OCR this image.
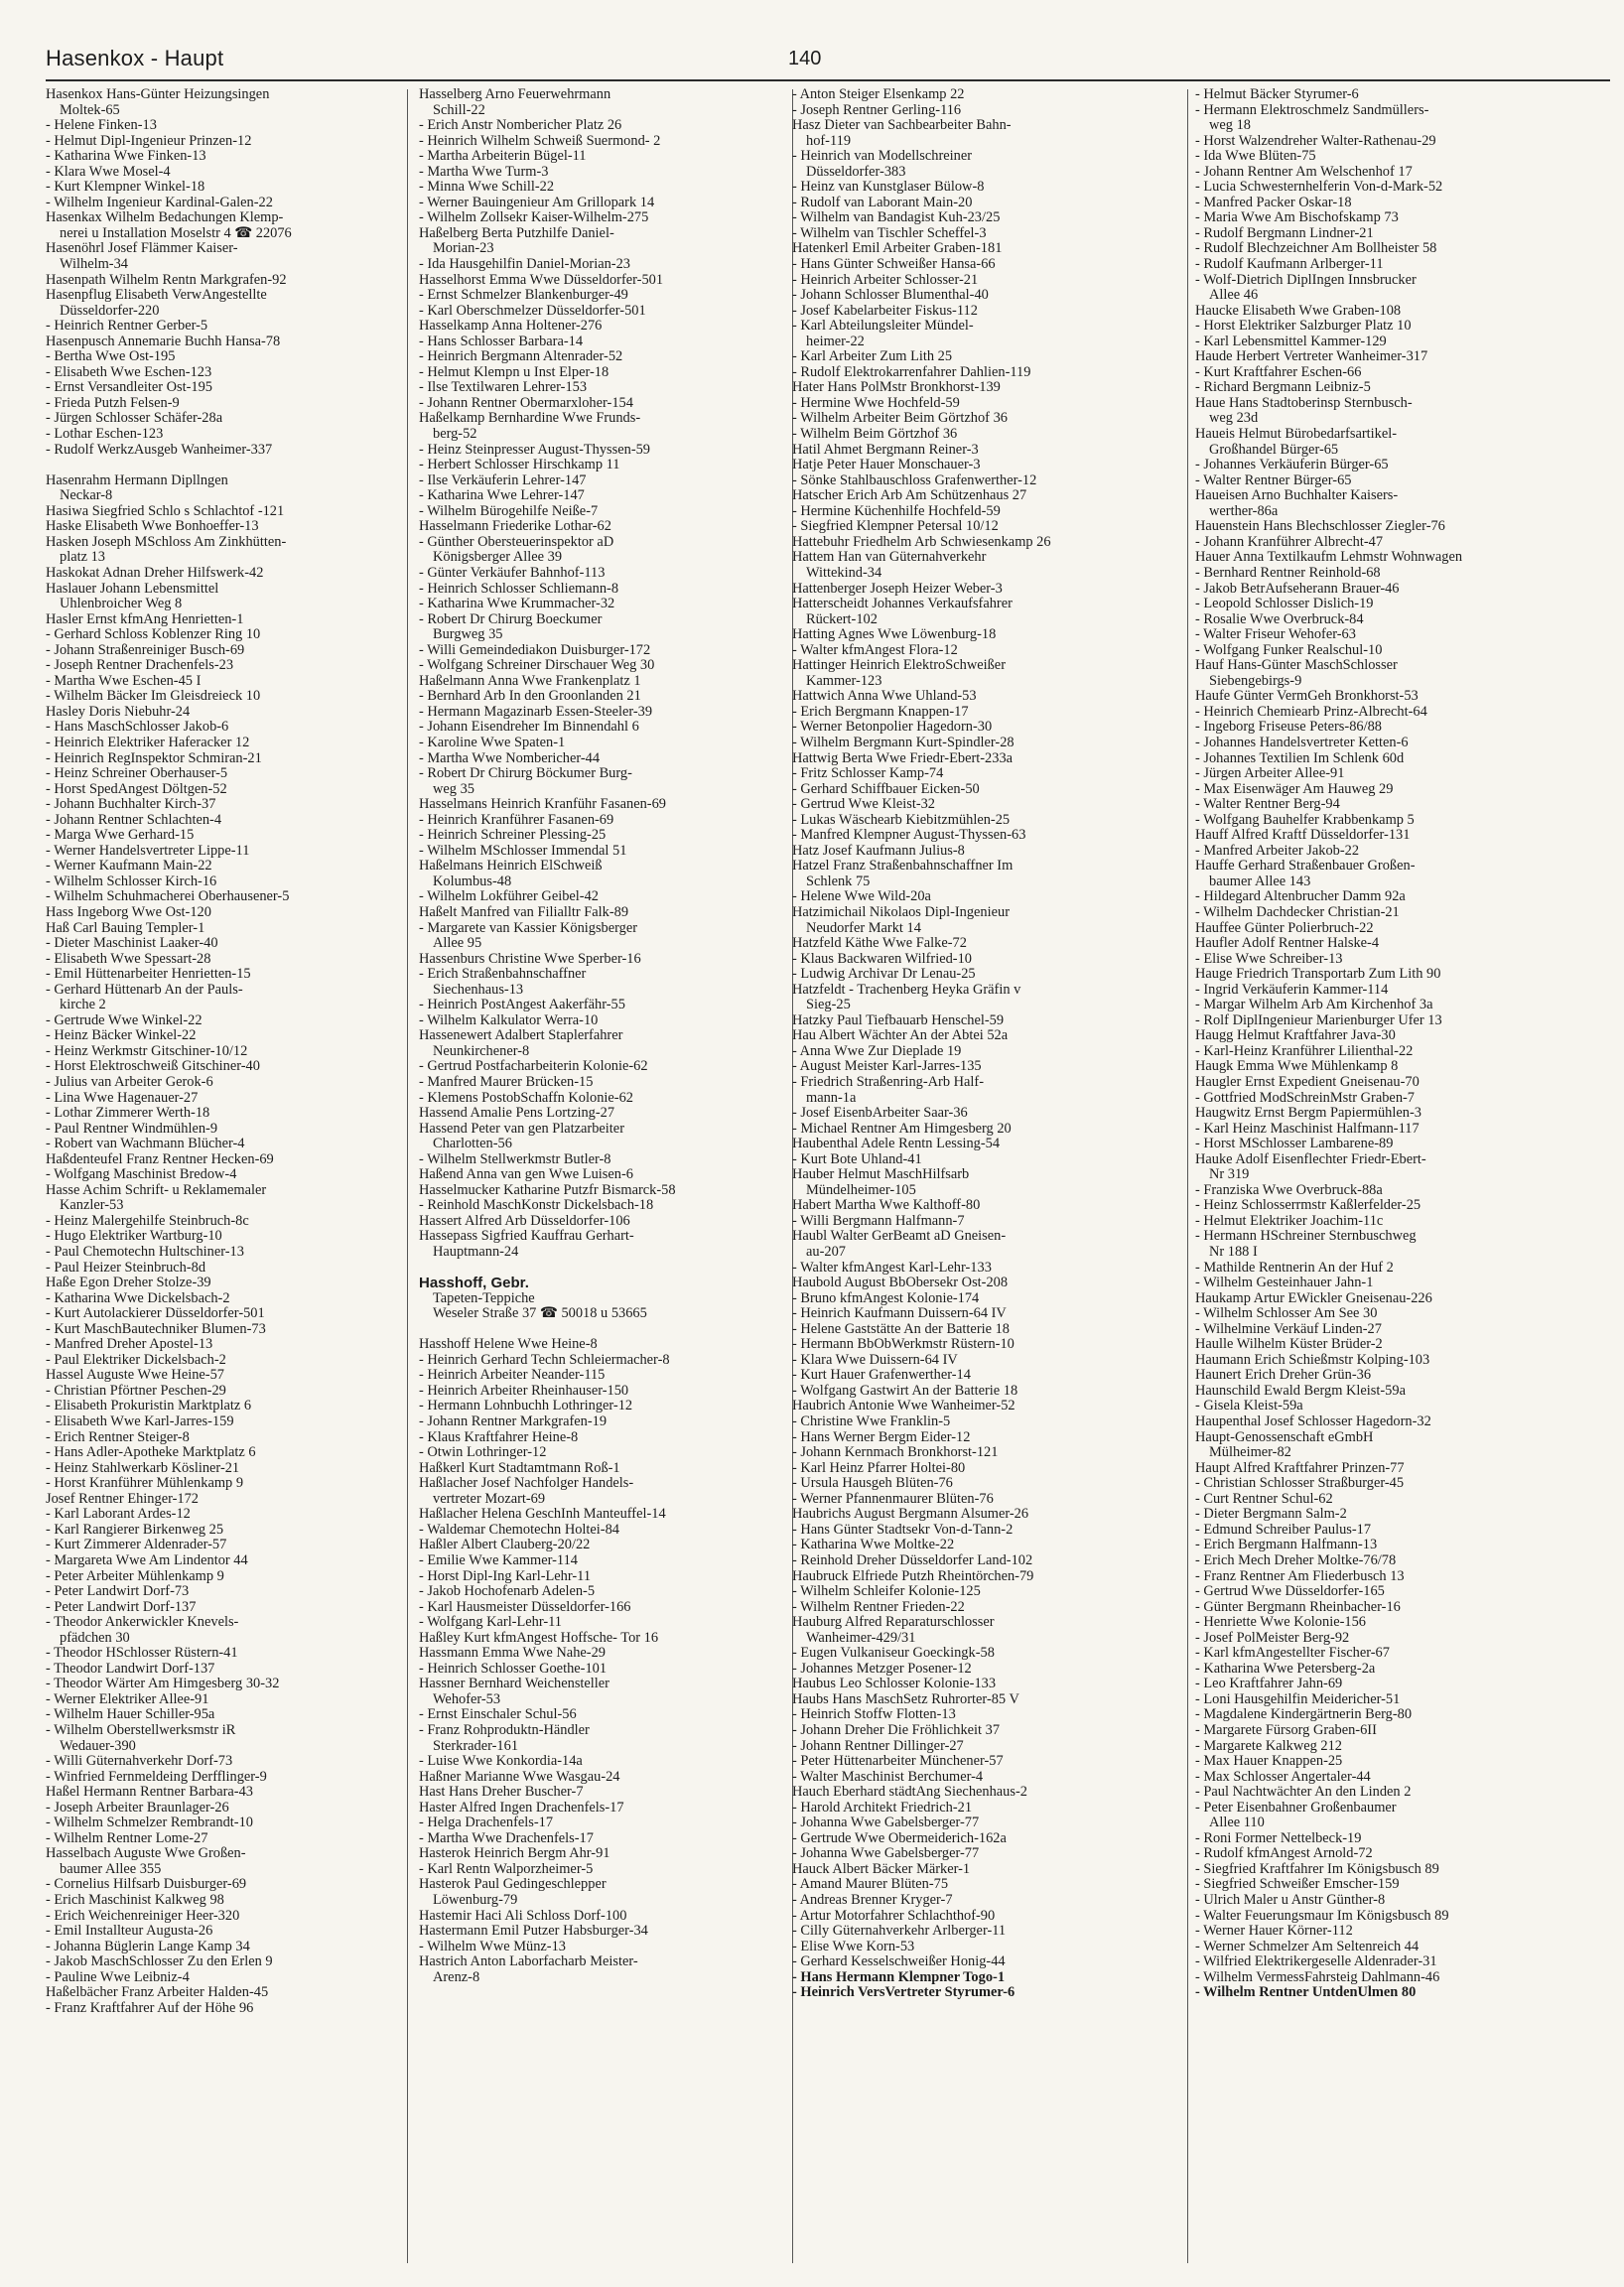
Hasenkox - Haupt	140
Hasenkox Hans-Günter Heizungsingen
Moltek-65
- Helene Finken-13
- Helmut Dipl-Ingenieur Prinzen-12
- Katharina Wwe Finken-13
- Klara Wwe Mosel-4
- Kurt Klempner Winkel-18
- Wilhelm Ingenieur Kardinal-Galen-22
Hasenkax Wilhelm Bedachungen Klemp-
nerei u Installation Moselstr 4 ☎ 22076
Hasenöhrl Josef Flämmer Kaiser-
Wilhelm-34
Hasenpath Wilhelm Rentn Markgrafen-92
Hasenpflug Elisabeth VerwAngestellte
Düsseldorfer-220
- Heinrich Rentner Gerber-5
Hasenpusch Annemarie Buchh Hansa-78
- Bertha Wwe Ost-195
- Elisabeth Wwe Eschen-123
- Ernst Versandleiter Ost-195
- Frieda Putzh Felsen-9
- Jürgen Schlosser Schäfer-28a
- Lothar Eschen-123
- Rudolf WerkzAusgeb Wanheimer-337
Hasenrahm Hermann Dipllngen
Neckar-8
Hasiwa Siegfried Schlo s Schlachtof -121
Haske Elisabeth Wwe Bonhoeffer-13
Hasken Joseph MSchloss Am Zinkhütten-
platz 13
Haskokat Adnan Dreher Hilfswerk-42
Haslauer Johann Lebensmittel
Uhlenbroicher Weg 8
Hasler Ernst kfmAng Henrietten-1
- Gerhard Schloss Koblenzer Ring 10
- Johann Straßenreiniger Busch-69
- Joseph Rentner Drachenfels-23
- Martha Wwe Eschen-45 I
- Wilhelm Bäcker Im Gleisdreieck 10
Hasley Doris Niebuhr-24
- Hans MaschSchlosser Jakob-6
- Heinrich Elektriker Haferacker 12
- Heinrich RegInspektor Schmiran-21
- Heinz Schreiner Oberhauser-5
- Horst SpedAngest Döltgen-52
- Johann Buchhalter Kirch-37
- Johann Rentner Schlachten-4
- Marga Wwe Gerhard-15
- Werner Handelsvertreter Lippe-11
- Werner Kaufmann Main-22
- Wilhelm Schlosser Kirch-16
- Wilhelm Schuhmacherei Oberhausener-5
Hass Ingeborg Wwe Ost-120
Haß Carl Bauing Templer-1
- Dieter Maschinist Laaker-40
- Elisabeth Wwe Spessart-28
- Emil Hüttenarbeiter Henrietten-15
- Gerhard Hüttenarb An der Pauls-
kirche 2
- Gertrude Wwe Winkel-22
- Heinz Bäcker Winkel-22
- Heinz Werkmstr Gitschiner-10/12
- Horst Elektroschweiß Gitschiner-40
- Julius van Arbeiter Gerok-6
- Lina Wwe Hagenauer-27
- Lothar Zimmerer Werth-18
- Paul Rentner Windmühlen-9
- Robert van Wachmann Blücher-4
Haßdenteufel Franz Rentner Hecken-69
- Wolfgang Maschinist Bredow-4
Hasse Achim Schrift- u Reklamemaler
Kanzler-53
- Heinz Malergehilfe Steinbruch-8c
- Hugo Elektriker Wartburg-10
- Paul Chemotechn Hultschiner-13
- Paul Heizer Steinbruch-8d
Haße Egon Dreher Stolze-39
- Katharina Wwe Dickelsbach-2
- Kurt Autolackierer Düsseldorfer-501
- Kurt MaschBautechniker Blumen-73
- Manfred Dreher Apostel-13
- Paul Elektriker Dickelsbach-2
Hassel Auguste Wwe Heine-57
- Christian Pförtner Peschen-29
- Elisabeth Prokuristin Marktplatz 6
- Elisabeth Wwe Karl-Jarres-159
- Erich Rentner Steiger-8
- Hans Adler-Apotheke Marktplatz 6
- Heinz Stahlwerkarb Kösliner-21
- Horst Kranführer Mühlenkamp 9
Josef Rentner Ehinger-172
- Karl Laborant Ardes-12
- Karl Rangierer Birkenweg 25
- Kurt Zimmerer Aldenrader-57
- Margareta Wwe Am Lindentor 44
- Peter Arbeiter Mühlenkamp 9
- Peter Landwirt Dorf-73
- Peter Landwirt Dorf-137
- Theodor Ankerwickler Knevels-
pfädchen 30
- Theodor HSchlosser Rüstern-41
- Theodor Landwirt Dorf-137
- Theodor Wärter Am Himgesberg 30-32
- Werner Elektriker Allee-91
- Wilhelm Hauer Schiller-95a
- Wilhelm Oberstellwerksmstr iR
Wedauer-390
- Willi Güternahverkehr Dorf-73
- Winfried Fernmeldeing Derfflinger-9
Haßel Hermann Rentner Barbara-43
- Joseph Arbeiter Braunlager-26
- Wilhelm Schmelzer Rembrandt-10
- Wilhelm Rentner Lome-27
Hasselbach Auguste Wwe Großen-
baumer Allee 355
- Cornelius Hilfsarb Duisburger-69
- Erich Maschinist Kalkweg 98
- Erich Weichenreiniger Heer-320
- Emil Installteur Augusta-26
- Johanna Büglerin Lange Kamp 34
- Jakob MaschSchlosser Zu den Erlen 9
- Pauline Wwe Leibniz-4
Haßelbächer Franz Arbeiter Halden-45
- Franz Kraftfahrer Auf der Höhe 96
Hasselberg Arno Feuerwehrmann
Schill-22
- Erich Anstr Nombericher Platz 26
- Heinrich Wilhelm Schweiß Suermond- 2
- Martha Arbeiterin Bügel-11
- Martha Wwe Turm-3
- Minna Wwe Schill-22
- Werner Bauingenieur Am Grillopark 14
- Wilhelm Zollsekr Kaiser-Wilhelm-275
Haßelberg Berta Putzhilfe Daniel-
Morian-23
- Ida Hausgehilfin Daniel-Morian-23
Hasselhorst Emma Wwe Düsseldorfer-501
- Ernst Schmelzer Blankenburger-49
- Karl Oberschmelzer Düsseldorfer-501
Hasselkamp Anna Holtener-276
- Hans Schlosser Barbara-14
- Heinrich Bergmann Altenrader-52
- Helmut Klempn u Inst Elper-18
- Ilse Textilwaren Lehrer-153
- Johann Rentner Obermarxloher-154
Haßelkamp Bernhardine Wwe Frunds-
berg-52
- Heinz Steinpresser August-Thyssen-59
- Herbert Schlosser Hirschkamp 11
- Ilse Verkäuferin Lehrer-147
- Katharina Wwe Lehrer-147
- Wilhelm Bürogehilfe Neiße-7
Hasselmann Friederike Lothar-62
- Günther Obersteuerinspektor aD
Königsberger Allee 39
- Günter Verkäufer Bahnhof-113
- Heinrich Schlosser Schliemann-8
- Katharina Wwe Krummacher-32
- Robert Dr Chirurg Boeckumer
Burgweg 35
- Willi Gemeindediakon Duisburger-172
- Wolfgang Schreiner Dirschauer Weg 30
Haßelmann Anna Wwe Frankenplatz 1
- Bernhard Arb In den Groonlanden 21
- Hermann Magazinarb Essen-Steeler-39
- Johann Eisendreher Im Binnendahl 6
- Karoline Wwe Spaten-1
- Martha Wwe Nombericher-44
- Robert Dr Chirurg Böckumer Burg-
weg 35
Hasselmans Heinrich Kranführ Fasanen-69
- Heinrich Kranführer Fasanen-69
- Heinrich Schreiner Plessing-25
- Wilhelm MSchlosser Immendal 51
Haßelmans Heinrich ElSchweiß
Kolumbus-48
- Wilhelm Lokführer Geibel-42
Haßelt Manfred van Filialltr Falk-89
- Margarete van Kassier Königsberger
Allee 95
Hassenburs Christine Wwe Sperber-16
- Erich Straßenbahnschaffner
Siechenhaus-13
- Heinrich PostAngest Aakerfähr-55
- Wilhelm Kalkulator Werra-10
Hassenewert Adalbert Staplerfahrer
Neunkirchener-8
- Gertrud Postfacharbeiterin Kolonie-62
- Manfred Maurer Brücken-15
- Klemens PostobSchaffn Kolonie-62
Hassend Amalie Pens Lortzing-27
Hassend Peter van gen Platzarbeiter
Charlotten-56
- Wilhelm Stellwerkmstr Butler-8
Haßend Anna van gen Wwe Luisen-6
Hasselmucker Katharine Putzfr Bismarck-58
- Reinhold MaschKonstr Dickelsbach-18
Hassert Alfred Arb Düsseldorfer-106
Hassepass Sigfried Kauffrau Gerhart-
Hauptmann-24
Hasshoff, Gebr.
Tapeten-Teppiche
Weseler Straße 37 ☎ 50018 u 53665
Hasshoff Helene Wwe Heine-8
- Heinrich Gerhard Techn Schleiermacher-8
- Heinrich Arbeiter Neander-115
- Heinrich Arbeiter Rheinhauser-150
- Hermann Lohnbuchh Lothringer-12
- Johann Rentner Markgrafen-19
- Klaus Kraftfahrer Heine-8
- Otwin Lothringer-12
Haßkerl Kurt Stadtamtmann Roß-1
Haßlacher Josef Nachfolger Handels-
vertreter Mozart-69
Haßlacher Helena GeschInh Manteuffel-14
- Waldemar Chemotechn Holtei-84
Haßler Albert Clauberg-20/22
- Emilie Wwe Kammer-114
- Horst Dipl-Ing Karl-Lehr-11
- Jakob Hochofenarb Adelen-5
- Karl Hausmeister Düsseldorfer-166
- Wolfgang Karl-Lehr-11
Haßley Kurt kfmAngest Hoffsche- Tor 16
Hassmann Emma Wwe Nahe-29
- Heinrich Schlosser Goethe-101
Hassner Bernhard Weichensteller
Wehofer-53
- Ernst Einschaler Schul-56
- Franz Rohproduktn-Händler
Sterkrader-161
- Luise Wwe Konkordia-14a
Haßner Marianne Wwe Wasgau-24
Hast Hans Dreher Buscher-7
Haster Alfred Ingen Drachenfels-17
- Helga Drachenfels-17
- Martha Wwe Drachenfels-17
Hasterok Heinrich Bergm Ahr-91
- Karl Rentn Walporzheimer-5
Hasterok Paul Gedingeschlepper
Löwenburg-79
Hastemir Haci Ali Schloss Dorf-100
Hastermann Emil Putzer Habsburger-34
- Wilhelm Wwe Münz-13
Hastrich Anton Laborfacharb Meister-
Arenz-8
- Anton Steiger Elsenkamp 22
- Joseph Rentner Gerling-116
Hasz Dieter van Sachbearbeiter Bahn-
hof-119
- Heinrich van Modellschreiner
Düsseldorfer-383
- Heinz van Kunstglaser Bülow-8
- Rudolf van Laborant Main-20
- Wilhelm van Bandagist Kuh-23/25
- Wilhelm van Tischler Scheffel-3
Hatenkerl Emil Arbeiter Graben-181
- Hans Günter Schweißer Hansa-66
- Heinrich Arbeiter Schlosser-21
- Johann Schlosser Blumenthal-40
- Josef Kabelarbeiter Fiskus-112
- Karl Abteilungsleiter Mündel-
heimer-22
- Karl Arbeiter Zum Lith 25
- Rudolf Elektrokarrenfahrer Dahlien-119
Hater Hans PolMstr Bronkhorst-139
- Hermine Wwe Hochfeld-59
- Wilhelm Arbeiter Beim Görtzhof 36
- Wilhelm Beim Görtzhof 36
Hatil Ahmet Bergmann Reiner-3
Hatje Peter Hauer Monschauer-3
- Sönke Stahlbauschloss Grafenwerther-12
Hatscher Erich Arb Am Schützenhaus 27
- Hermine Küchenhilfe Hochfeld-59
- Siegfried Klempner Petersal 10/12
Hattebuhr Friedhelm Arb Schwiesenkamp 26
Hattem Han van Güternahverkehr
Wittekind-34
Hattenberger Joseph Heizer Weber-3
Hatterscheidt Johannes Verkaufsfahrer
Rückert-102
Hatting Agnes Wwe Löwenburg-18
- Walter kfmAngest Flora-12
Hattinger Heinrich ElektroSchweißer
Kammer-123
Hattwich Anna Wwe Uhland-53
- Erich Bergmann Knappen-17
- Werner Betonpolier Hagedorn-30
- Wilhelm Bergmann Kurt-Spindler-28
Hattwig Berta Wwe Friedr-Ebert-233a
- Fritz Schlosser Kamp-74
- Gerhard Schiffbauer Eicken-50
- Gertrud Wwe Kleist-32
- Lukas Wäschearb Kiebitzmühlen-25
- Manfred Klempner August-Thyssen-63
Hatz Josef Kaufmann Julius-8
Hatzel Franz Straßenbahnschaffner Im
Schlenk 75
- Helene Wwe Wild-20a
Hatzimichail Nikolaos Dipl-Ingenieur
Neudorfer Markt 14
Hatzfeld Käthe Wwe Falke-72
- Klaus Backwaren Wilfried-10
- Ludwig Archivar Dr Lenau-25
Hatzfeldt - Trachenberg Heyka Gräfin v
Sieg-25
Hatzky Paul Tiefbauarb Henschel-59
Hau Albert Wächter An der Abtei 52a
- Anna Wwe Zur Dieplade 19
- August Meister Karl-Jarres-135
- Friedrich Straßenring-Arb Half-
mann-1a
- Josef EisenbArbeiter Saar-36
- Michael Rentner Am Himgesberg 20
Haubenthal Adele Rentn Lessing-54
- Kurt Bote Uhland-41
Hauber Helmut MaschHilfsarb
Mündelheimer-105
Habert Martha Wwe Kalthoff-80
- Willi Bergmann Halfmann-7
Haubl Walter GerBeamt aD Gneisen-
au-207
- Walter kfmAngest Karl-Lehr-133
Haubold August BbObersekr Ost-208
- Bruno kfmAngest Kolonie-174
- Heinrich Kaufmann Duissern-64 IV
- Helene Gaststätte An der Batterie 18
- Hermann BbObWerkmstr Rüstern-10
- Klara Wwe Duissern-64 IV
- Kurt Hauer Grafenwerther-14
- Wolfgang Gastwirt An der Batterie 18
Haubrich Antonie Wwe Wanheimer-52
- Christine Wwe Franklin-5
- Hans Werner Bergm Eider-12
- Johann Kernmach Bronkhorst-121
- Karl Heinz Pfarrer Holtei-80
- Ursula Hausgeh Blüten-76
- Werner Pfannenmaurer Blüten-76
Haubrichs August Bergmann Alsumer-26
- Hans Günter Stadtsekr Von-d-Tann-2
- Katharina Wwe Moltke-22
- Reinhold Dreher Düsseldorfer Land-102
Haubruck Elfriede Putzh Rheintörchen-79
- Wilhelm Schleifer Kolonie-125
- Wilhelm Rentner Frieden-22
Hauburg Alfred Reparaturschlosser
Wanheimer-429/31
- Eugen Vulkaniseur Goeckingk-58
- Johannes Metzger Posener-12
Haubus Leo Schlosser Kolonie-133
Haubs Hans MaschSetz Ruhrorter-85 V
- Heinrich Stoffw Flotten-13
- Johann Dreher Die Fröhlichkeit 37
- Johann Rentner Dillinger-27
- Peter Hüttenarbeiter Münchener-57
- Walter Maschinist Berchumer-4
Hauch Eberhard städtAng Siechenhaus-2
- Harold Architekt Friedrich-21
- Johanna Wwe Gabelsberger-77
- Gertrude Wwe Obermeiderich-162a
- Johanna Wwe Gabelsberger-77
Hauck Albert Bäcker Märker-1
- Amand Maurer Blüten-75
- Andreas Brenner Kryger-7
- Artur Motorfahrer Schlachthof-90
- Cilly Güternahverkehr Arlberger-11
- Elise Wwe Korn-53
- Gerhard Kesselschweißer Honig-44
- Hans Hermann Klempner Togo-1
- Heinrich VersVertreter Styrumer-6
- Helmut Bäcker Styrumer-6
- Hermann Elektroschmelz Sandmüllers-
weg 18
- Horst Walzendreher Walter-Rathenau-29
- Ida Wwe Blüten-75
- Johann Rentner Am Welschenhof 17
- Lucia Schwesternhelferin Von-d-Mark-52
- Manfred Packer Oskar-18
- Maria Wwe Am Bischofskamp 73
- Rudolf Bergmann Lindner-21
- Rudolf Blechzeichner Am Bollheister 58
- Rudolf Kaufmann Arlberger-11
- Wolf-Dietrich DiplIngen Innsbrucker
Allee 46
Haucke Elisabeth Wwe Graben-108
- Horst Elektriker Salzburger Platz 10
- Karl Lebensmittel Kammer-129
Haude Herbert Vertreter Wanheimer-317
- Kurt Kraftfahrer Eschen-66
- Richard Bergmann Leibniz-5
Haue Hans Stadtoberinsp Sternbusch-
weg 23d
Haueis Helmut Bürobedarfsartikel-
Großhandel Bürger-65
- Johannes Verkäuferin Bürger-65
- Walter Rentner Bürger-65
Haueisen Arno Buchhalter Kaisers-
werther-86a
Hauenstein Hans Blechschlosser Ziegler-76
- Johann Kranführer Albrecht-47
Hauer Anna Textilkaufm Lehmstr Wohnwagen
- Bernhard Rentner Reinhold-68
- Jakob BetrAufseherann Brauer-46
- Leopold Schlosser Dislich-19
- Rosalie Wwe Overbruck-84
- Walter Friseur Wehofer-63
- Wolfgang Funker Realschul-10
Hauf Hans-Günter MaschSchlosser
Siebengebirgs-9
Haufe Günter VermGeh Bronkhorst-53
- Heinrich Chemiearb Prinz-Albrecht-64
- Ingeborg Friseuse Peters-86/88
- Johannes Handelsvertreter Ketten-6
- Johannes Textilien Im Schlenk 60d
- Jürgen Arbeiter Allee-91
- Max Eisenwäger Am Hauweg 29
- Walter Rentner Berg-94
- Wolfgang Bauhelfer Krabbenkamp 5
Hauff Alfred Kraftf Düsseldorfer-131
- Manfred Arbeiter Jakob-22
Hauffe Gerhard Straßenbauer Großen-
baumer Allee 143
- Hildegard Altenbrucher Damm 92a
- Wilhelm Dachdecker Christian-21
Hauffee Günter Polierbruch-22
Haufler Adolf Rentner Halske-4
- Elise Wwe Schreiber-13
Hauge Friedrich Transportarb Zum Lith 90
- Ingrid Verkäuferin Kammer-114
- Margar Wilhelm Arb Am Kirchenhof 3a
- Rolf DiplIngenieur Marienburger Ufer 13
Haugg Helmut Kraftfahrer Java-30
- Karl-Heinz Kranführer Lilienthal-22
Haugk Emma Wwe Mühlenkamp 8
Haugler Ernst Expedient Gneisenau-70
- Gottfried ModSchreinMstr Graben-7
Haugwitz Ernst Bergm Papiermühlen-3
- Karl Heinz Maschinist Halfmann-117
- Horst MSchlosser Lambarene-89
Hauke Adolf Eisenflechter Friedr-Ebert-
Nr 319
- Franziska Wwe Overbruck-88a
- Heinz Schlosserrmstr Kaßlerfelder-25
- Helmut Elektriker Joachim-11c
- Hermann HSchreiner Sternbuschweg
Nr 188 I
- Mathilde Rentnerin An der Huf 2
- Wilhelm Gesteinhauer Jahn-1
Haukamp Artur EWickler Gneisenau-226
- Wilhelm Schlosser Am See 30
- Wilhelmine Verkäuf Linden-27
Haulle Wilhelm Küster Brüder-2
Haumann Erich Schießmstr Kolping-103
Haunert Erich Dreher Grün-36
Haunschild Ewald Bergm Kleist-59a
- Gisela Kleist-59a
Haupenthal Josef Schlosser Hagedorn-32
Haupt-Genossenschaft eGmbH
Mülheimer-82
Haupt Alfred Kraftfahrer Prinzen-77
- Christian Schlosser Straßburger-45
- Curt Rentner Schul-62
- Dieter Bergmann Salm-2
- Edmund Schreiber Paulus-17
- Erich Bergmann Halfmann-13
- Erich Mech Dreher Moltke-76/78
- Franz Rentner Am Fliederbusch 13
- Gertrud Wwe Düsseldorfer-165
- Günter Bergmann Rheinbacher-16
- Henriette Wwe Kolonie-156
- Josef PolMeister Berg-92
- Karl kfmAngestellter Fischer-67
- Katharina Wwe Petersberg-2a
- Leo Kraftfahrer Jahn-69
- Loni Hausgehilfin Meidericher-51
- Magdalene Kindergärtnerin Berg-80
- Margarete Fürsorg Graben-6II
- Margarete Kalkweg 212
- Max Hauer Knappen-25
- Max Schlosser Angertaler-44
- Paul Nachtwächter An den Linden 2
- Peter Eisenbahner Großenbaumer
Allee 110
- Roni Former Nettelbeck-19
- Rudolf kfmAngest Arnold-72
- Siegfried Kraftfahrer Im Königsbusch 89
- Siegfried Schweißer Emscher-159
- Ulrich Maler u Anstr Günther-8
- Walter Feuerungsmaur Im Königsbusch 89
- Werner Hauer Körner-112
- Werner Schmelzer Am Seltenreich 44
- Wilfried Elektrikergeselle Aldenrader-31
- Wilhelm VermessFahrsteig Dahlmann-46
- Wilhelm Rentner UntdenUlmen 80
